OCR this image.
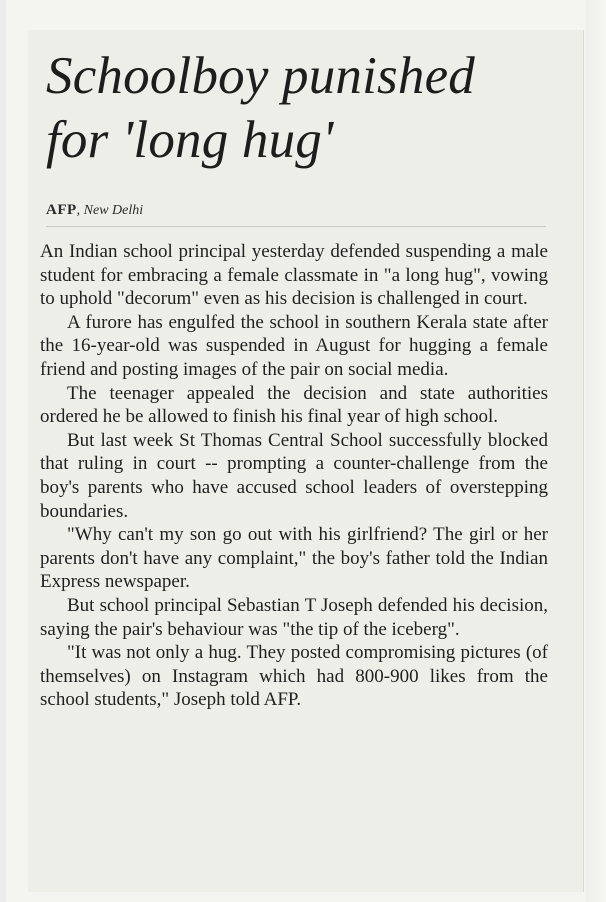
Schoolboy punished
for 'long hug'
AFP, New Delhi

An Indian school principal yesterday defended suspending a male student for embracing a female classmate in "a long hug", vowing to uphold "decorum" even as his decision is challenged in court.

A furore has engulfed the school in southern Kerala state after the 16-year-old was suspended in August for hugging a female friend and posting images of the pair on social media.

The teenager appealed the decision and state authorities ordered he be allowed to finish his final year of high school.

But last week St Thomas Central School successfully blocked that ruling in court -- prompting a counter-challenge from the boy's parents who have accused school leaders of overstepping boundaries.

"Why can't my son go out with his girlfriend? The girl or her parents don't have any complaint," the boy's father told the Indian Express newspaper.

But school principal Sebastian T Joseph defended his decision, saying the pair's behaviour was "the tip of the iceberg".

"It was not only a hug. They posted compromising pictures (of themselves) on Instagram which had 800-900 likes from the school students," Joseph told AFP.
